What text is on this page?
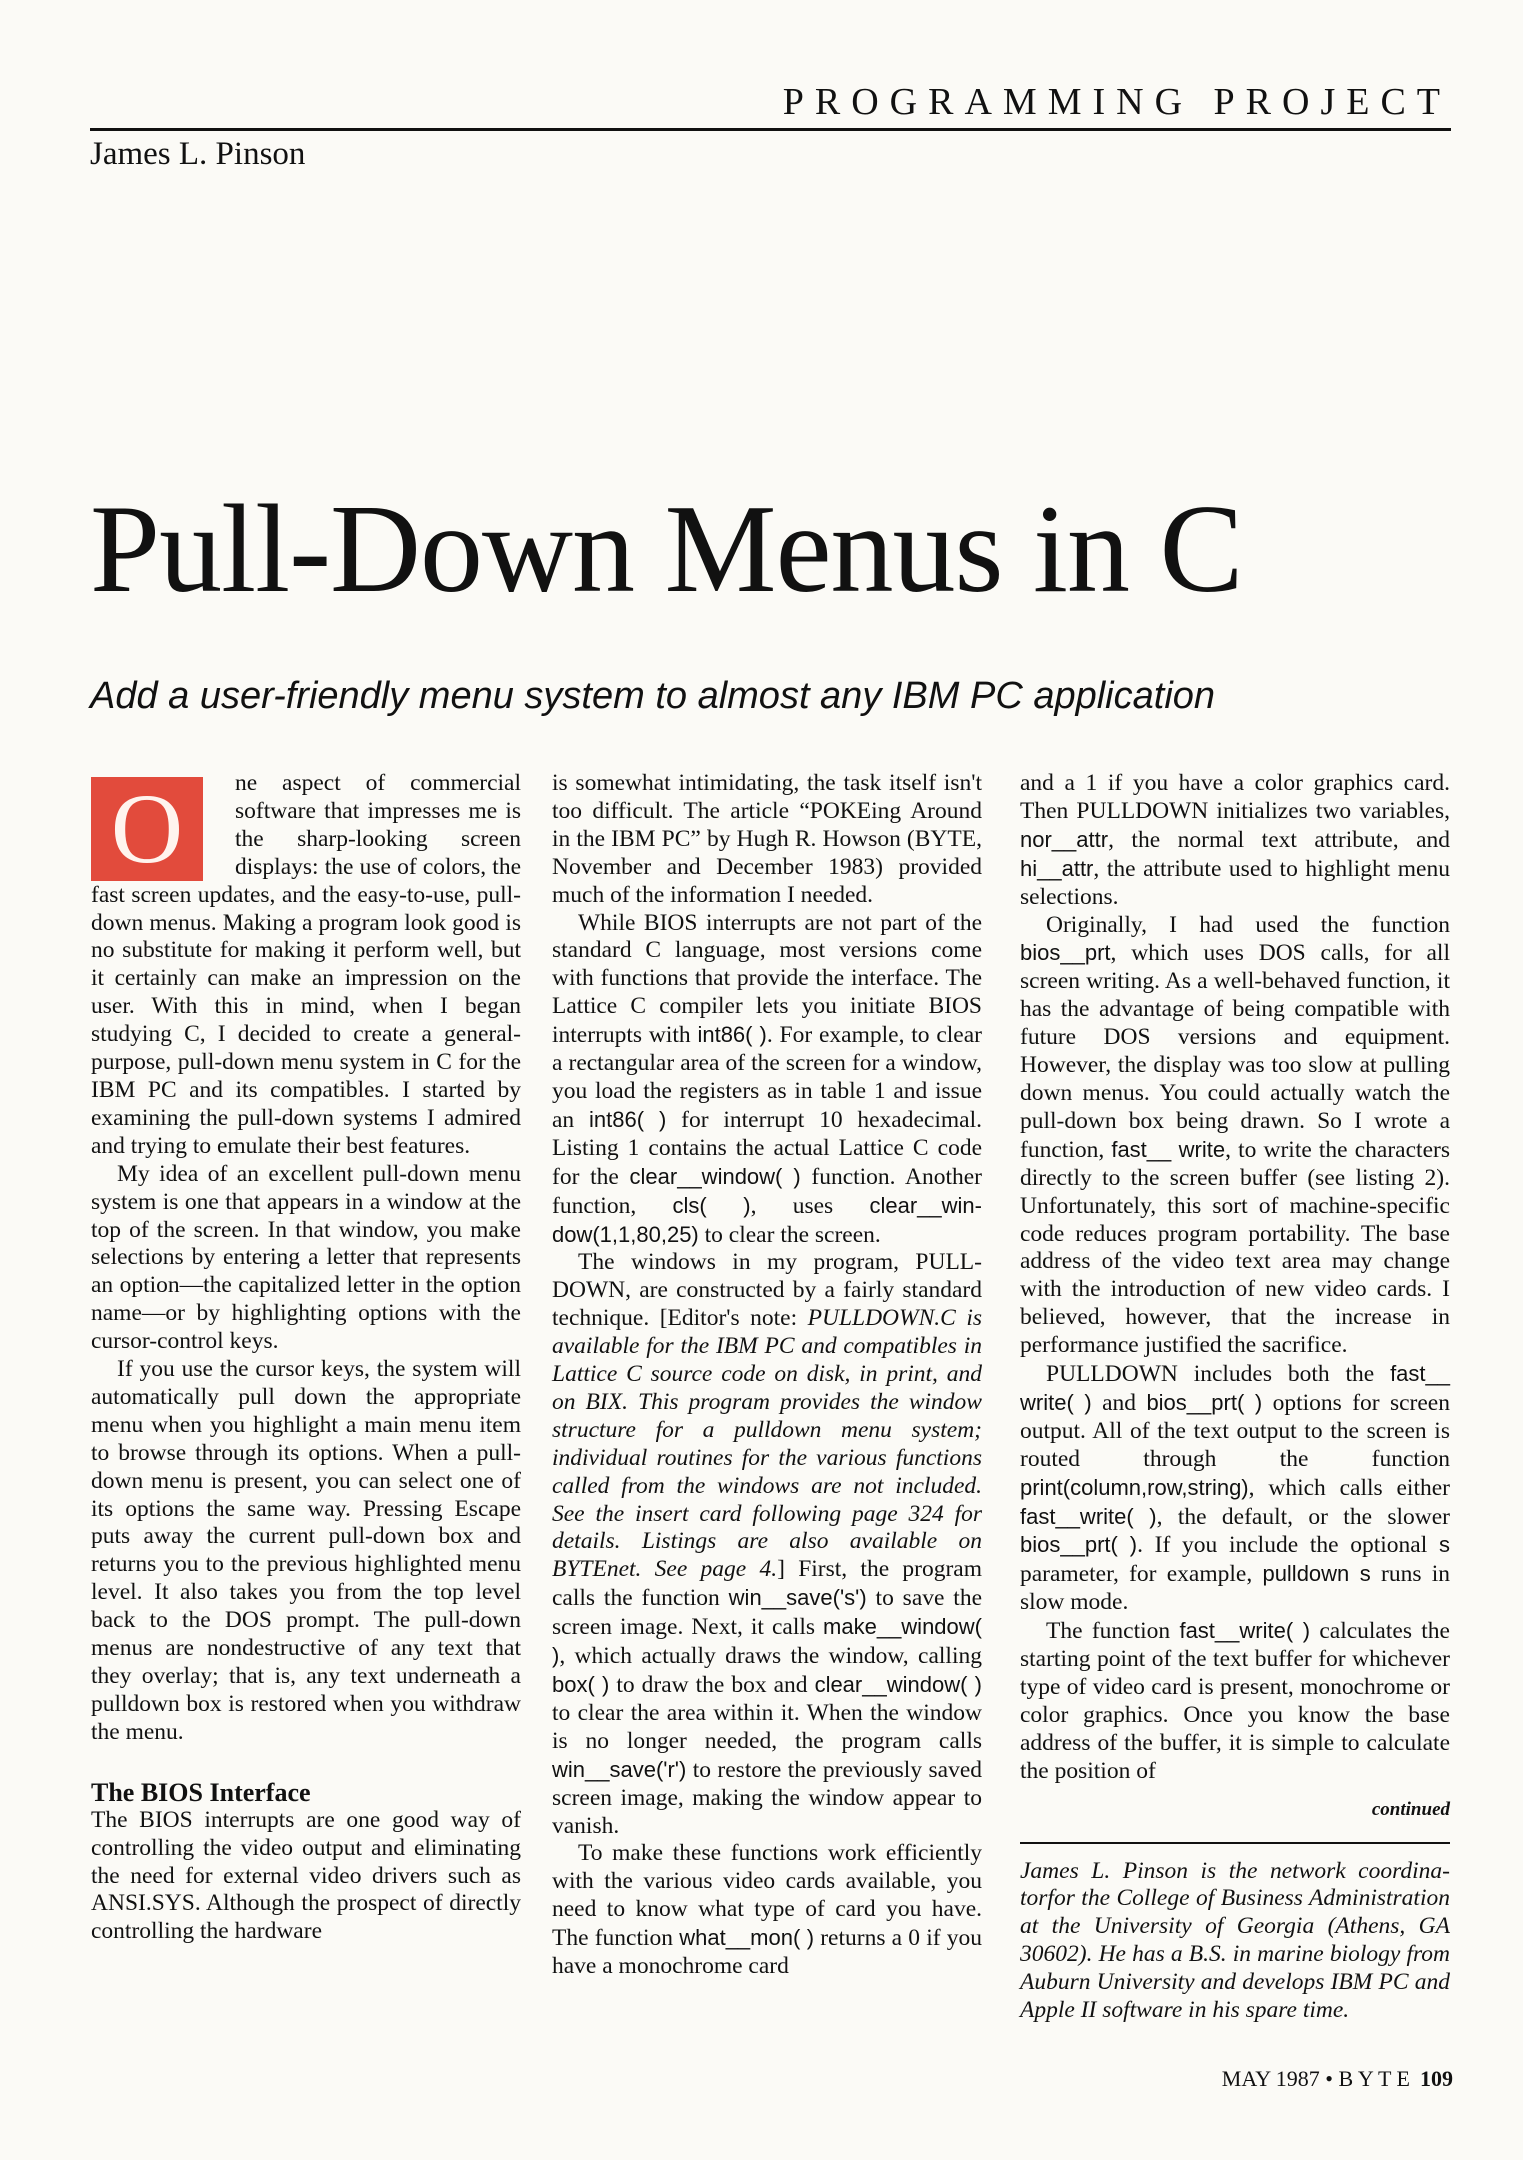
PROGRAMMING PROJECT
James L. Pinson
Pull-Down Menus in C
Add a user-friendly menu system to almost any IBM PC application

O	ne aspect of commercial software that impresses me is the sharp-looking screen displays: the use of colors, the fast screen updates, and the easy-to-use, pull-down menus. Making a program look good is no substitute for making it perform well, but it certainly can make an impression on the user. With this in mind, when I began studying C, I decided to create a general-purpose, pull-down menu system in C for the IBM PC and its compatibles. I started by examining the pull-down systems I admired and trying to emulate their best features.

My idea of an excellent pull-down menu system is one that appears in a window at the top of the screen. In that window, you make selections by entering a letter that represents an option—the capitalized letter in the option name—or by highlighting options with the cursor-control keys.

If you use the cursor keys, the system will automatically pull down the appropriate menu when you highlight a main menu item to browse through its options. When a pull-down menu is present, you can select one of its options the same way. Pressing Escape puts away the current pull-down box and returns you to the previous highlighted menu level. It also takes you from the top level back to the DOS prompt. The pull-down menus are nondestructive of any text that they overlay; that is, any text underneath a pulldown box is restored when you withdraw the menu.

The BIOS Interface

The BIOS interrupts are one good way of controlling the video output and eliminating the need for external video drivers such as ANSI.SYS. Although the prospect of directly controlling the hardware

is somewhat intimidating, the task itself isn't too difficult. The article “POKEing Around in the IBM PC” by Hugh R. Howson (BYTE, November and December 1983) provided much of the information I needed.

While BIOS interrupts are not part of the standard C language, most versions come with functions that provide the interface. The Lattice C compiler lets you initiate BIOS interrupts with int86( ). For example, to clear a rectangular area of the screen for a window, you load the registers as in table 1 and issue an int86( ) for interrupt 10 hexadecimal. Listing 1 contains the actual Lattice C code for the clear__window( ) function. Another function, cls( ), uses clear__window(1,1,80,25) to clear the screen.

The windows in my program, PULLDOWN, are constructed by a fairly standard technique. [Editor's note: PULLDOWN.C is available for the IBM PC and compatibles in Lattice C source code on disk, in print, and on BIX. This program provides the window structure for a pulldown menu system; individual routines for the various functions called from the windows are not included. See the insert card following page 324 for details. Listings are also available on BYTEnet. See page 4.] First, the program calls the function win__save('s') to save the screen image. Next, it calls make__window( ), which actually draws the window, calling box( ) to draw the box and clear__window( ) to clear the area within it. When the window is no longer needed, the program calls win__save('r') to restore the previously saved screen image, making the window appear to vanish.

To make these functions work efficiently with the various video cards available, you need to know what type of card you have. The function what__mon( ) returns a 0 if you have a monochrome card

and a 1 if you have a color graphics card. Then PULLDOWN initializes two variables, nor__attr, the normal text attribute, and hi__attr, the attribute used to highlight menu selections.

Originally, I had used the function bios__prt, which uses DOS calls, for all screen writing. As a well-behaved function, it has the advantage of being compatible with future DOS versions and equipment. However, the display was too slow at pulling down menus. You could actually watch the pull-down box being drawn. So I wrote a function, fast__ write, to write the characters directly to the screen buffer (see listing 2). Unfortunately, this sort of machine-specific code reduces program portability. The base address of the video text area may change with the introduction of new video cards. I believed, however, that the increase in performance justified the sacrifice.

PULLDOWN includes both the fast__ write( ) and bios__prt( ) options for screen output. All of the text output to the screen is routed through the function print(column,row,string), which calls either fast__write( ), the default, or the slower bios__prt( ). If you include the optional s parameter, for example, pulldown s runs in slow mode.

The function fast__write( ) calculates the starting point of the text buffer for whichever type of video card is present, monochrome or color graphics. Once you know the base address of the buffer, it is simple to calculate the position of

continued

James L. Pinson is the network coordinatorfor the College of Business Administration at the University of Georgia (Athens, GA 30602). He has a B.S. in marine biology from Auburn University and develops IBM PC and Apple II software in his spare time.

MAY 1987 • B Y T E 109
